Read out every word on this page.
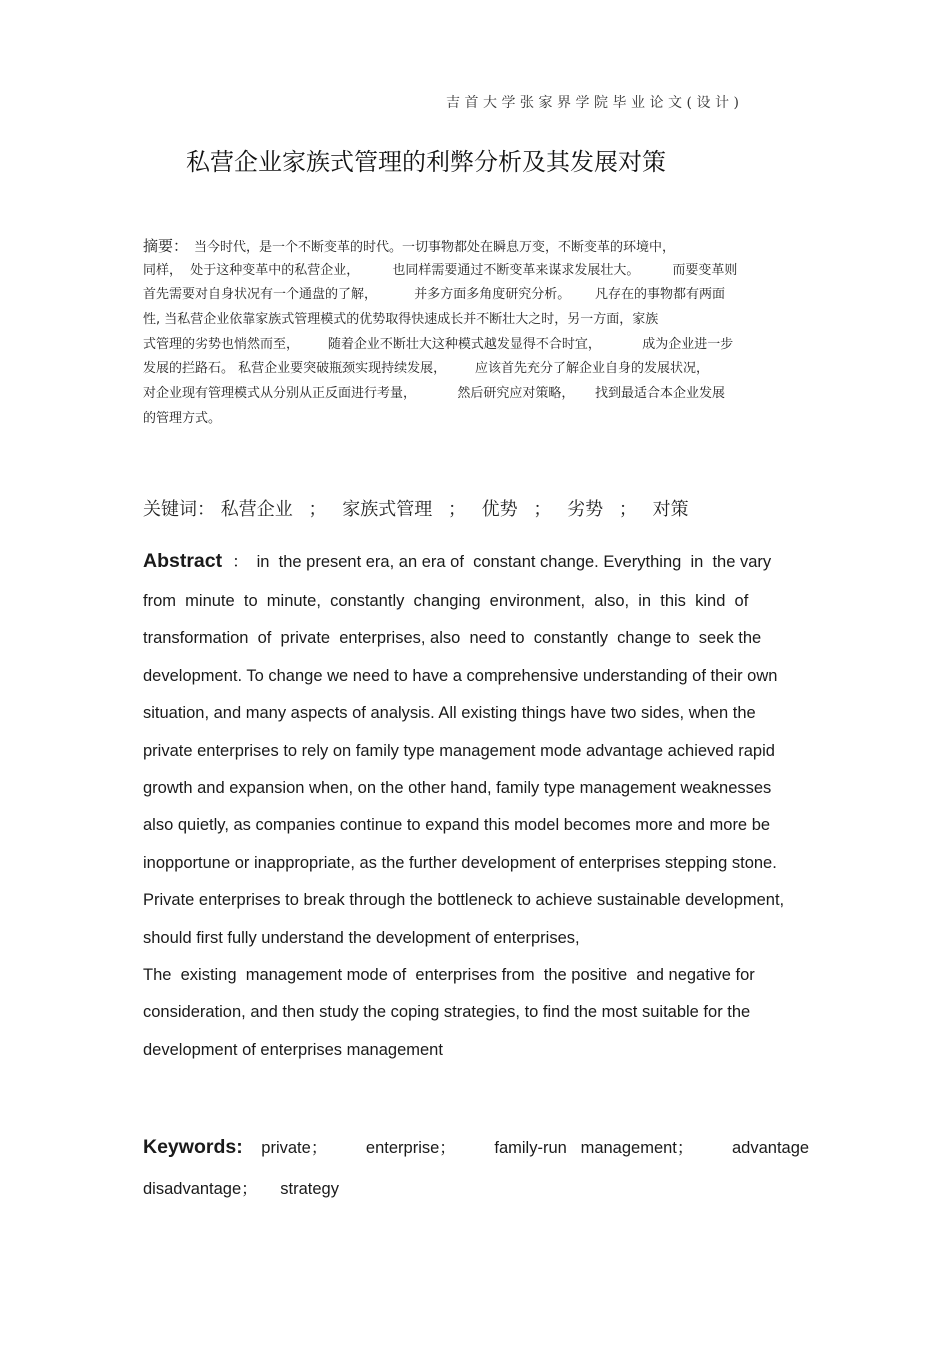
吉首大学张家界学院毕业论文(设计)
私营企业家族式管理的利弊分析及其发展对策
摘要： 当今时代，是一个不断变革的时代。一切事物都处在瞬息万变，不断变革的环境中，
同样，  处于这种变革中的私营企业，        也同样需要通过不断变革来谋求发展壮大。        而要变革则
首先需要对自身状况有一个通盘的了解，         并多方面多角度研究分析。      凡存在的事物都有两面
性, 当私营企业依靠家族式管理模式的优势取得快速成长并不断壮大之时，另一方面，家族
式管理的劣势也悄然而至，       随着企业不断壮大这种模式越发显得不合时宜，          成为企业进一步
发展的拦路石。 私营企业要突破瓶颈实现持续发展，       应该首先充分了解企业自身的发展状况，
对企业现有管理模式从分别从正反面进行考量，          然后研究应对策略，     找到最适合本企业发展
的管理方式。
关键词： 私营企业 ； 家族式管理 ； 优势 ； 劣势 ； 对策
Abstract ： in  the present era, an era of  constant change. Everything  in  the vary
from  minute  to  minute,  constantly  changing  environment,  also,  in  this  kind  of
transformation  of  private  enterprises, also  need to  constantly  change to  seek the
development. To change we need to have a comprehensive understanding of their own
situation, and many aspects of analysis. All existing things have two sides, when the
private enterprises to rely on family type management mode advantage achieved rapid
growth and expansion when, on the other hand, family type management weaknesses
also quietly, as companies continue to expand this model becomes more and more be
inopportune or inappropriate, as the further development of enterprises stepping stone.
Private enterprises to break through the bottleneck to achieve sustainable development,
should first fully understand the development of enterprises,
The  existing  management mode of  enterprises from  the positive  and negative for
consideration, and then study the coping strategies, to find the most suitable for the
development of enterprises management
Keywords: private； enterprise； family-run   management； advantage
disadvantage； strategy
